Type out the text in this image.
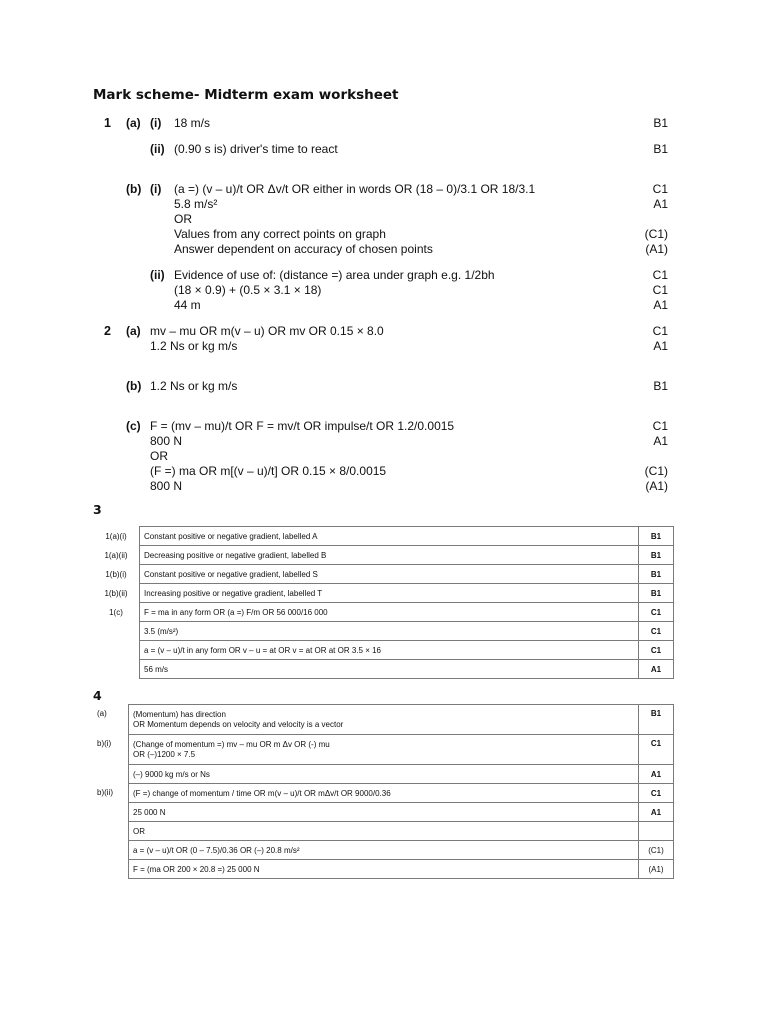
Mark scheme- Midterm exam worksheet
1 (a) (i) 18 m/s	B1
(ii) (0.90 s is) driver's time to react	B1
(b) (i) (a =) (v – u)/t OR Δv/t OR either in words OR (18 – 0)/3.1 OR 18/3.1	C1
5.8 m/s²	A1
OR
Values from any correct points on graph	(C1)
Answer dependent on accuracy of chosen points	(A1)
(ii) Evidence of use of: (distance =) area under graph e.g. 1/2bh	C1
(18 × 0.9) + (0.5 × 3.1 × 18)	C1
44 m	A1
2 (a) mv – mu OR m(v – u) OR mv OR 0.15 × 8.0	C1
1.2 Ns or kg m/s	A1
(b) 1.2 Ns or kg m/s	B1
(c) F = (mv – mu)/t OR F = mv/t OR impulse/t OR 1.2/0.0015	C1
800 N	A1
OR
(F =) ma OR m[(v – u)/t] OR 0.15 × 8/0.0015	(C1)
800 N	(A1)
3
1(a)(i)	Constant positive or negative gradient, labelled A	B1
1(a)(ii)	Decreasing positive or negative gradient, labelled B	B1
1(b)(i)	Constant positive or negative gradient, labelled S	B1
1(b)(ii)	Increasing positive or negative gradient, labelled T	B1
1(c)	F = ma in any form OR (a =) F/m OR 56 000/16 000	C1
	3.5 (m/s²)	C1
	a = (v – u)/t in any form OR v – u = at OR v = at OR at OR 3.5 × 16	C1
	56 m/s	A1
4
(a)	(Momentum) has direction
OR Momentum depends on velocity and velocity is a vector	B1
b)(i)	(Change of momentum =) mv – mu OR m Δv OR (-) mu
OR (–)1200 × 7.5	C1
	(–) 9000 kg m/s or Ns	A1
b)(ii)	(F =) change of momentum / time OR m(v – u)/t OR mΔv/t OR 9000/0.36	C1
	25 000 N	A1
	OR	
	a = (v – u)/t OR (0 – 7.5)/0.36 OR (–) 20.8 m/s²	(C1)
	F = (ma OR 200 × 20.8 =) 25 000 N	(A1)
